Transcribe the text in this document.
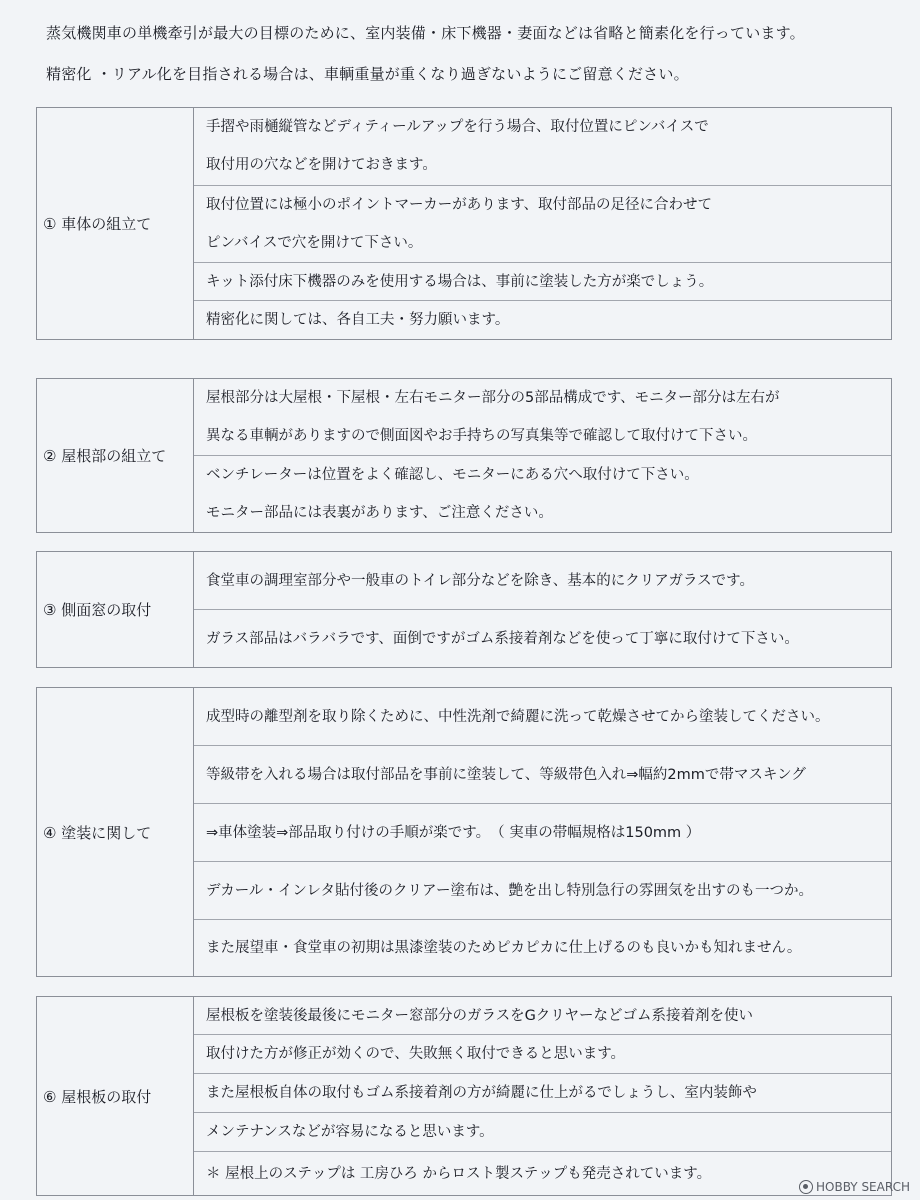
蒸気機関車の単機牽引が最大の目標のために、室内装備・床下機器・妻面などは省略と簡素化を行っています。
精密化 ・リアル化を目指される場合は、車輌重量が重くなり過ぎないようにご留意ください。
① 車体の組立て
手摺や雨樋縦管などディティールアップを行う場合、取付位置にピンバイスで
取付用の穴などを開けておきます。
取付位置には極小のポイントマーカーがあります、取付部品の足径に合わせて
ピンバイスで穴を開けて下さい。
キット添付床下機器のみを使用する場合は、事前に塗装した方が楽でしょう。
精密化に関しては、各自工夫・努力願います。
② 屋根部の組立て
屋根部分は大屋根・下屋根・左右モニター部分の5部品構成です、モニター部分は左右が
異なる車輌がありますので側面図やお手持ちの写真集等で確認して取付けて下さい。
ベンチレーターは位置をよく確認し、モニターにある穴へ取付けて下さい。
モニター部品には表裏があります、ご注意ください。
③ 側面窓の取付
食堂車の調理室部分や一般車のトイレ部分などを除き、基本的にクリアガラスです。
ガラス部品はバラバラです、面倒ですがゴム系接着剤などを使って丁寧に取付けて下さい。
④ 塗装に関して
成型時の離型剤を取り除くために、中性洗剤で綺麗に洗って乾燥させてから塗装してください。
等級帯を入れる場合は取付部品を事前に塗装して、等級帯色入れ⇒幅約2mmで帯マスキング
⇒車体塗装⇒部品取り付けの手順が楽です。　（ 実車の帯幅規格は150mm ）
デカール・インレタ貼付後のクリアー塗布は、艶を出し特別急行の雰囲気を出すのも一つか。
また展望車・食堂車の初期は黒漆塗装のためピカピカに仕上げるのも良いかも知れません。
⑥ 屋根板の取付
屋根板を塗装後最後にモニター窓部分のガラスをGクリヤーなどゴム系接着剤を使い
取付けた方が修正が効くので、失敗無く取付できると思います。
また屋根板自体の取付もゴム系接着剤の方が綺麗に仕上がるでしょうし、室内装飾や
メンテナンスなどが容易になると思います。
＊ 屋根上のステップは 工房ひろ からロスト製ステップも発売されています。
HOBBY SEARCH
